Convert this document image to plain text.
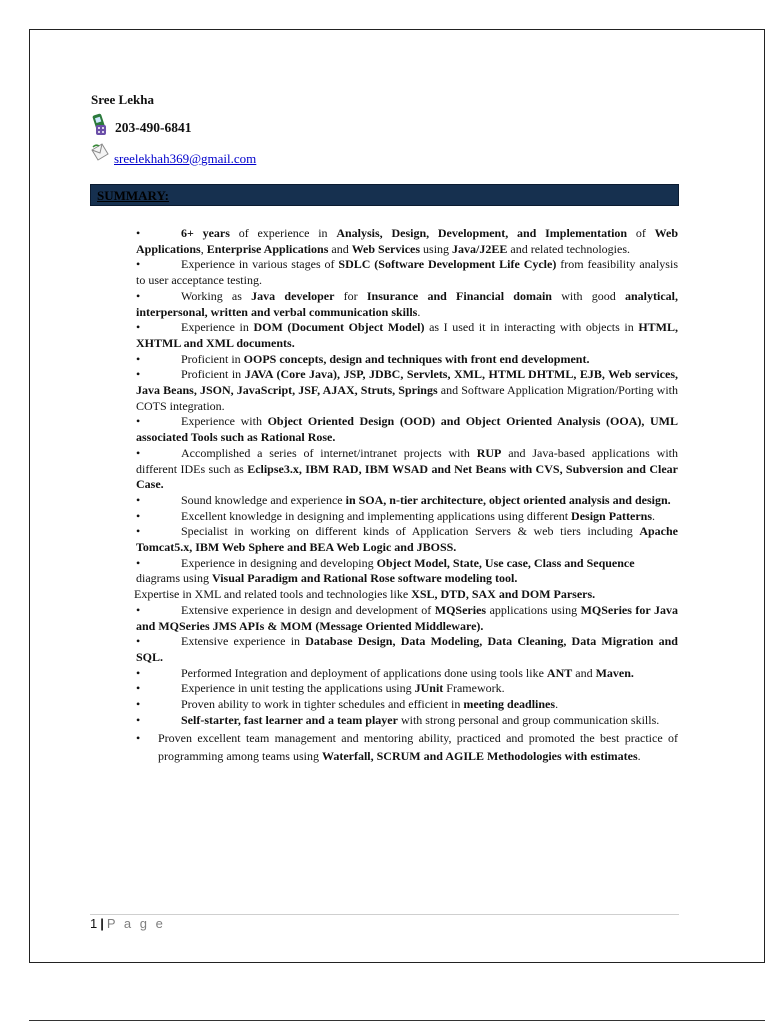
Sree Lekha
203-490-6841
sreelekhah369@gmail.com
SUMMARY:

•	6+ years of experience in Analysis, Design, Development, and Implementation of Web Applications, Enterprise Applications and Web Services using Java/J2EE and related technologies.

•	Experience in various stages of SDLC (Software Development Life Cycle) from feasibility analysis to user acceptance testing.

•	Working as Java developer for Insurance and Financial domain with good analytical, interpersonal, written and verbal communication skills.

•	Experience in DOM (Document Object Model) as I used it in interacting with objects in HTML, XHTML and XML documents.

•	Proficient in OOPS concepts, design and techniques with front end development.

•	Proficient in JAVA (Core Java), JSP, JDBC, Servlets, XML, HTML DHTML, EJB, Web services, Java Beans, JSON, JavaScript, JSF, AJAX, Struts, Springs and Software Application Migration/Porting with COTS integration.

•	Experience with Object Oriented Design (OOD) and Object Oriented Analysis (OOA), UML associated Tools such as Rational Rose.

•	Accomplished a series of internet/intranet projects with RUP and Java-based applications with different IDEs such as Eclipse3.x, IBM RAD, IBM WSAD and Net Beans with CVS, Subversion and Clear Case.

•	Sound knowledge and experience in SOA, n-tier architecture, object oriented analysis and design.

•	Excellent knowledge in designing and implementing applications using different Design Patterns.

•	Specialist in working on different kinds of Application Servers & web tiers including Apache Tomcat5.x, IBM Web Sphere and BEA Web Logic and JBOSS.

•	Experience in designing and developing Object Model, State, Use case, Class and Sequence

diagrams using Visual Paradigm and Rational Rose software modeling tool.

Expertise in XML and related tools and technologies like XSL, DTD, SAX and DOM Parsers.

•	Extensive experience in design and development of MQSeries applications using MQSeries for Java and MQSeries JMS APIs & MOM (Message Oriented Middleware).

•	Extensive experience in Database Design, Data Modeling, Data Cleaning, Data Migration and SQL.

•	Performed Integration and deployment of applications done using tools like ANT and Maven.

•	Experience in unit testing the applications using JUnit Framework.

•	Proven ability to work in tighter schedules and efficient in meeting deadlines.

•	Self-starter, fast learner and a team player with strong personal and group communication skills.

•	Proven excellent team management and mentoring ability, practiced and promoted the best practice of programming among teams using Waterfall, SCRUM and AGILE Methodologies with estimates.
1 | P a g e
